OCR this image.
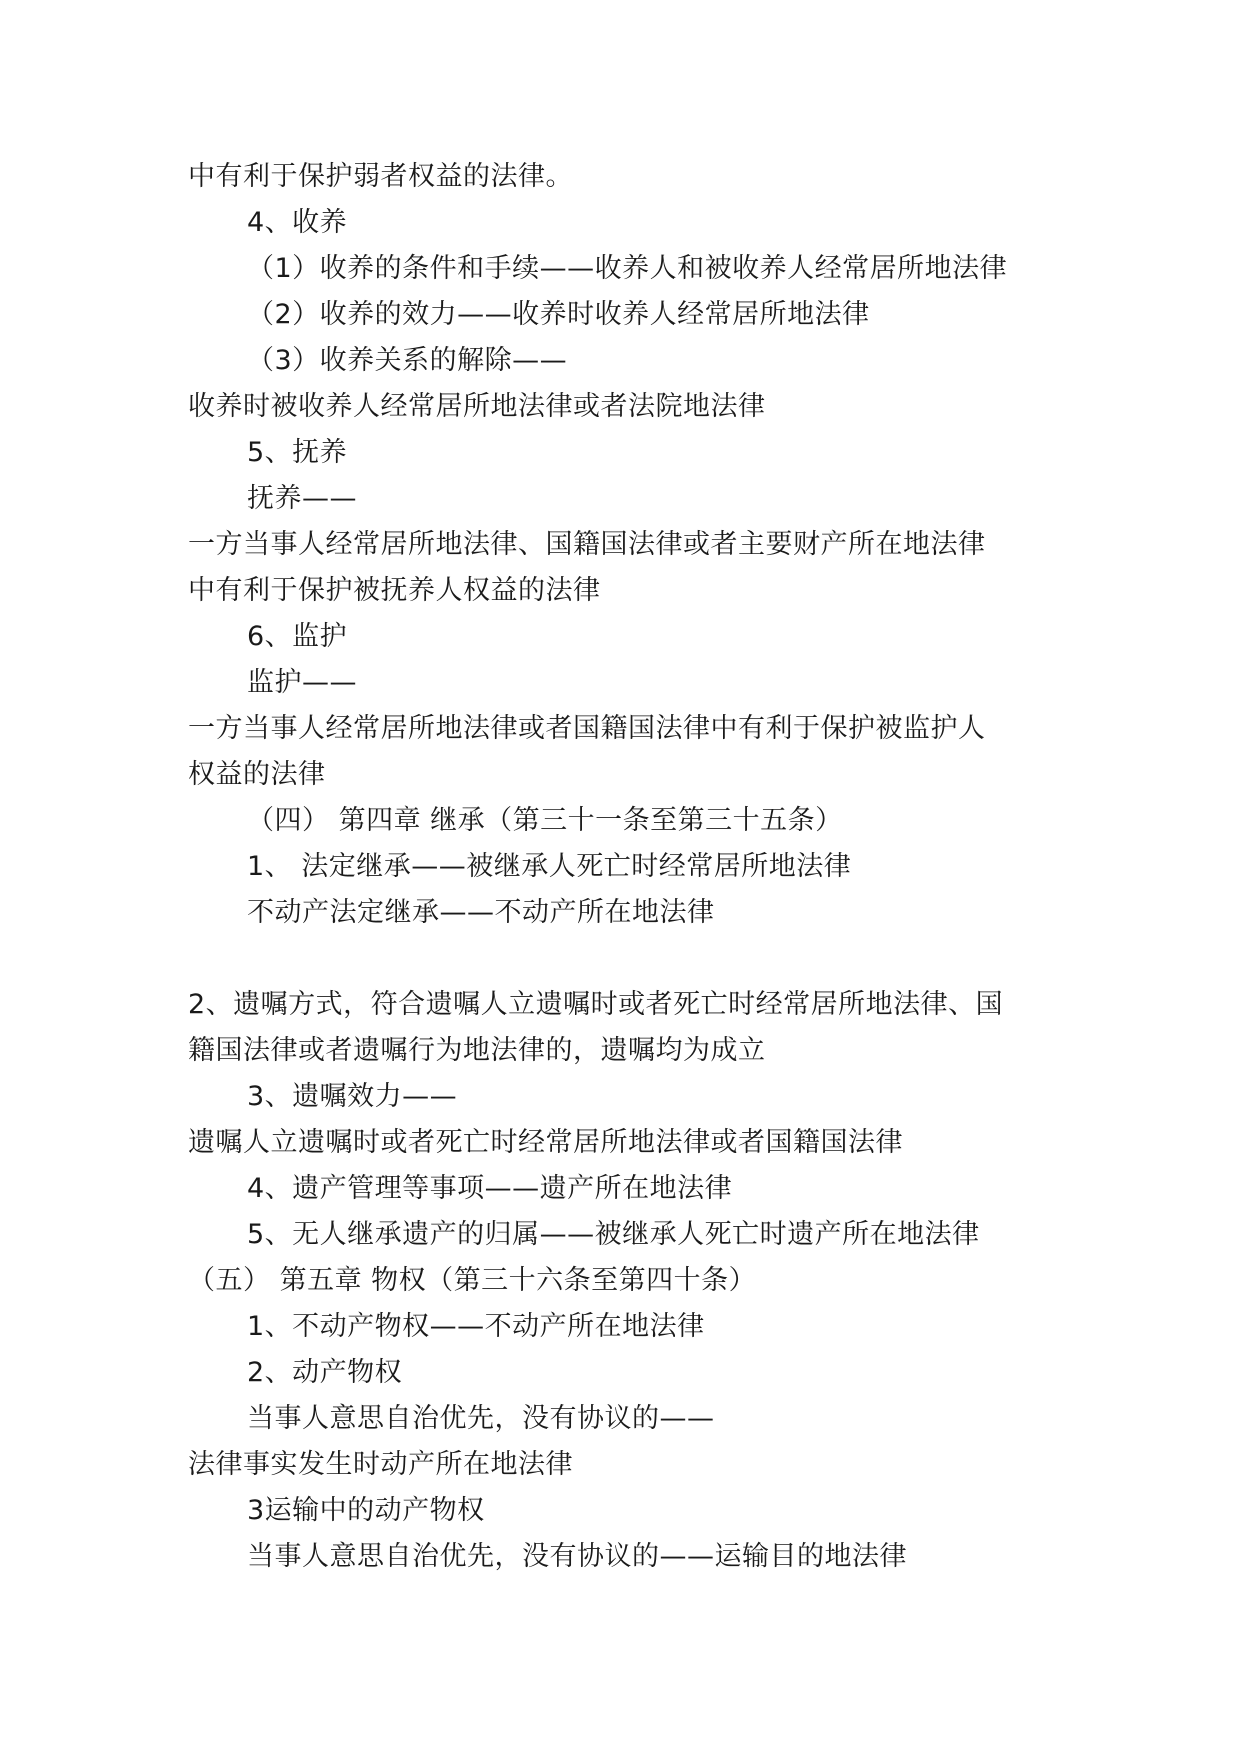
中有利于保护弱者权益的法律。
4、收养
（1）收养的条件和手续——收养人和被收养人经常居所地法律
（2）收养的效力——收养时收养人经常居所地法律
（3）收养关系的解除——
收养时被收养人经常居所地法律或者法院地法律
5、抚养
抚养——
一方当事人经常居所地法律、国籍国法律或者主要财产所在地法律
中有利于保护被抚养人权益的法律
6、监护
监护——
一方当事人经常居所地法律或者国籍国法律中有利于保护被监护人
权益的法律
（四） 第四章 继承（第三十一条至第三十五条）
1、 法定继承——被继承人死亡时经常居所地法律
不动产法定继承——不动产所在地法律
2、遗嘱方式，符合遗嘱人立遗嘱时或者死亡时经常居所地法律、国
籍国法律或者遗嘱行为地法律的，遗嘱均为成立
3、遗嘱效力——
遗嘱人立遗嘱时或者死亡时经常居所地法律或者国籍国法律
4、遗产管理等事项——遗产所在地法律
5、无人继承遗产的归属——被继承人死亡时遗产所在地法律
（五） 第五章 物权（第三十六条至第四十条）
1、不动产物权——不动产所在地法律
2、动产物权
当事人意思自治优先，没有协议的——
法律事实发生时动产所在地法律
3运输中的动产物权
当事人意思自治优先，没有协议的——运输目的地法律
